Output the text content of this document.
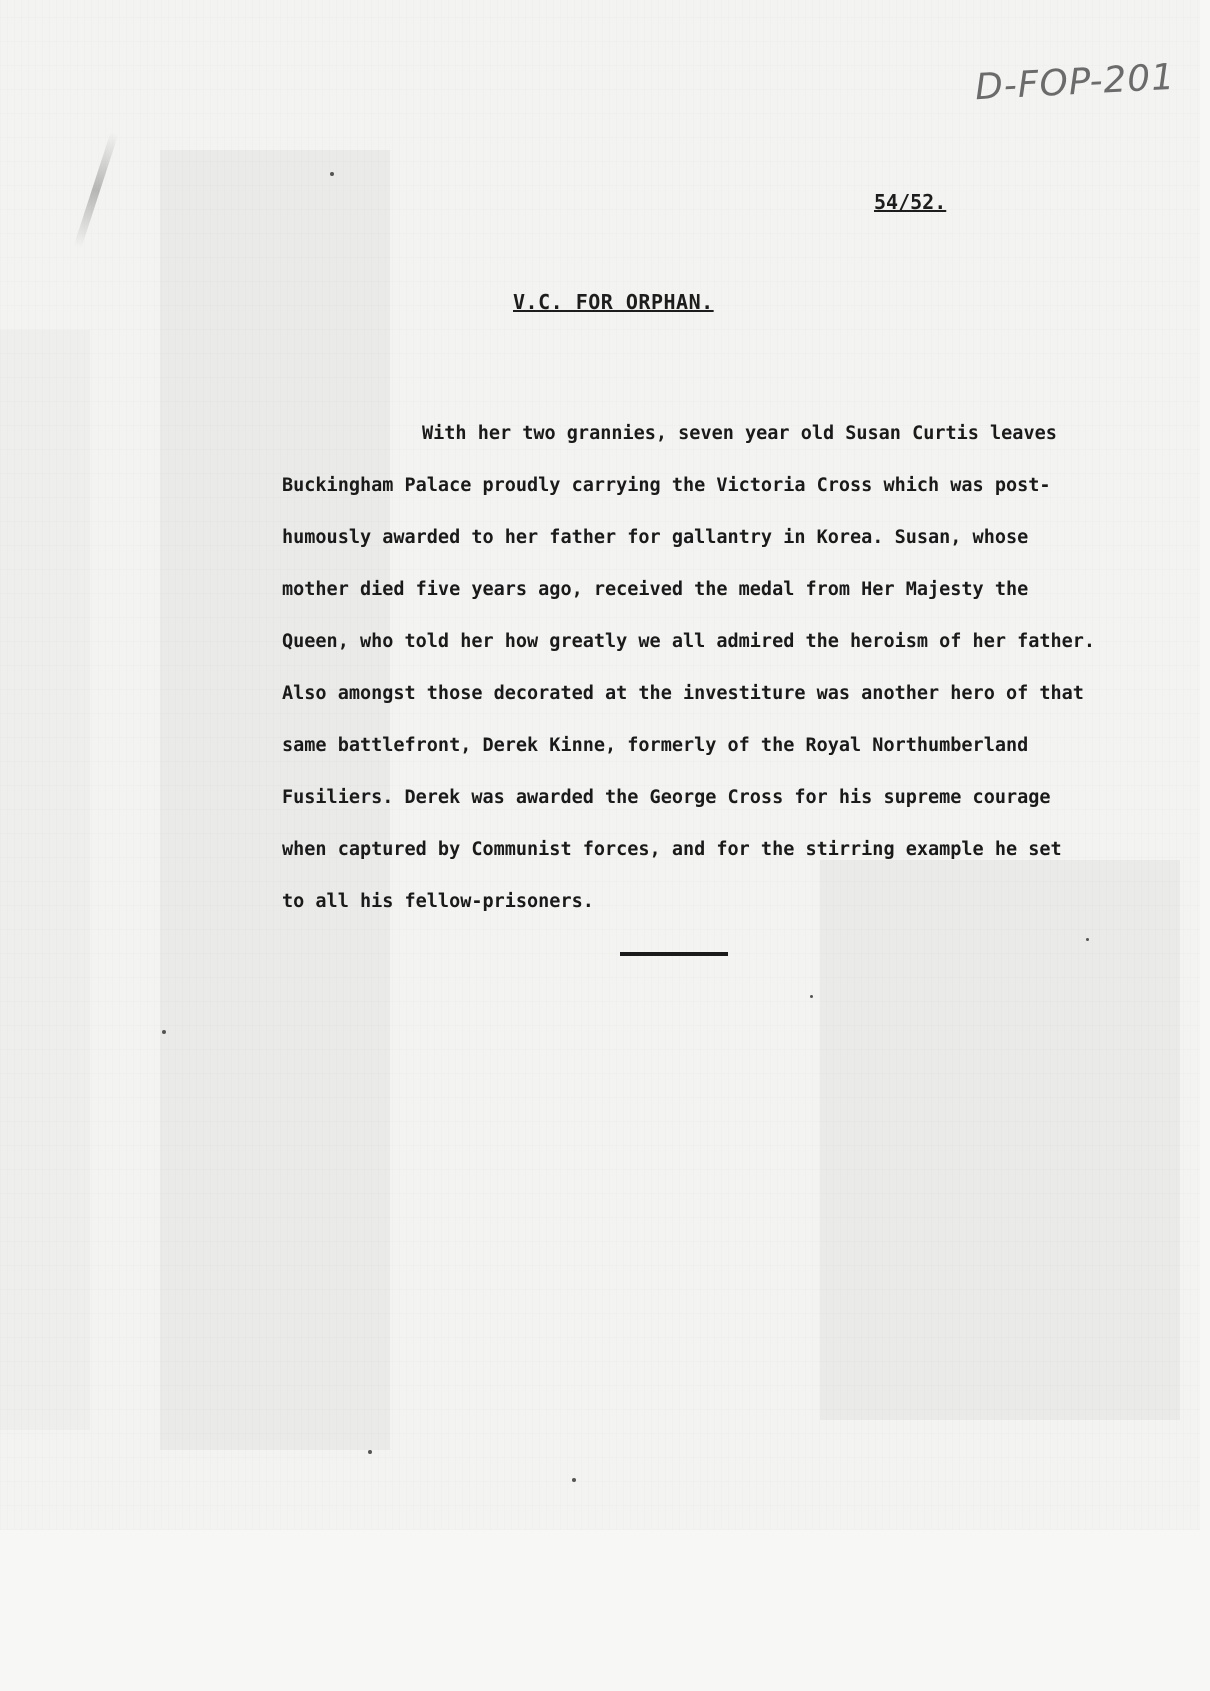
D-FOP-201
54/52.
V.C. FOR ORPHAN.
With her two grannies, seven year old Susan Curtis leaves
Buckingham Palace proudly carrying the Victoria Cross which was post-
humously awarded to her father for gallantry in Korea. Susan, whose
mother died five years ago, received the medal from Her Majesty the
Queen, who told her how greatly we all admired the heroism of her father.
Also amongst those decorated at the investiture was another hero of that
same battlefront, Derek Kinne, formerly of the Royal Northumberland
Fusiliers. Derek was awarded the George Cross for his supreme courage
when captured by Communist forces, and for the stirring example he set
to all his fellow-prisoners.
